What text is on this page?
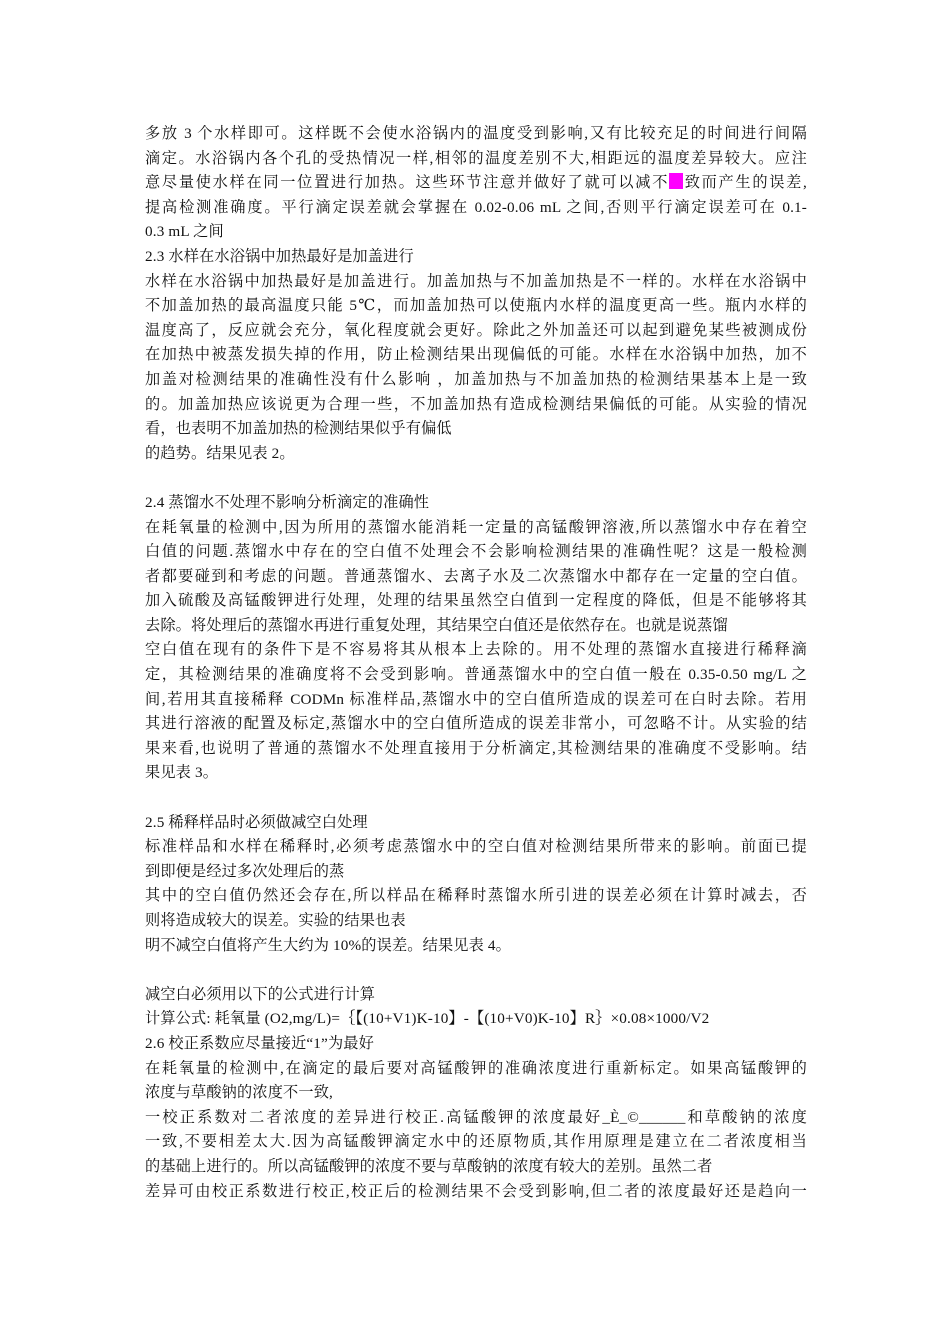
多放 3 个水样即可。这样既不会使水浴锅内的温度受到影响,又有比较充足的时间进行间隔
滴定。水浴锅内各个孔的受热情况一样,相邻的温度差别不大,相距远的温度差异较大。应注
意尽量使水样在同一位置进行加热。这些环节注意并做好了就可以减不 致而产生的误差,
提高检测准确度。平行滴定误差就会掌握在 0.02-0.06 mL 之间,否则平行滴定误差可在 0.1-
0.3 mL 之间
2.3 水样在水浴锅中加热最好是加盖进行
水样在水浴锅中加热最好是加盖进行。加盖加热与不加盖加热是不一样的。水样在水浴锅中
不加盖加热的最高温度只能 5℃，而加盖加热可以使瓶内水样的温度更高一些。瓶内水样的
温度高了，反应就会充分，氧化程度就会更好。除此之外加盖还可以起到避免某些被测成份
在加热中被蒸发损失掉的作用，防止检测结果出现偏低的可能。水样在水浴锅中加热，加不
加盖对检测结果的准确性没有什么影响 ，加盖加热与不加盖加热的检测结果基本上是一致
的。加盖加热应该说更为合理一些，不加盖加热有造成检测结果偏低的可能。从实验的情况
看，也表明不加盖加热的检测结果似乎有偏低
的趋势。结果见表 2。
2.4 蒸馏水不处理不影响分析滴定的准确性
在耗氧量的检测中,因为所用的蒸馏水能消耗一定量的高锰酸钾溶液,所以蒸馏水中存在着空
白值的问题.蒸馏水中存在的空白值不处理会不会影响检测结果的准确性呢？这是一般检测
者都要碰到和考虑的问题。普通蒸馏水、去离子水及二次蒸馏水中都存在一定量的空白值。
加入硫酸及高锰酸钾进行处理，处理的结果虽然空白值到一定程度的降低，但是不能够将其
去除。将处理后的蒸馏水再进行重复处理，其结果空白值还是依然存在。也就是说蒸馏
空白值在现有的条件下是不容易将其从根本上去除的。用不处理的蒸馏水直接进行稀释滴
定，其检测结果的准确度将不会受到影响。普通蒸馏水中的空白值一般在 0.35-0.50 mg/L 之
间,若用其直接稀释 CODMn 标准样品,蒸馏水中的空白值所造成的误差可在白时去除。若用
其进行溶液的配置及标定,蒸馏水中的空白值所造成的误差非常小，可忽略不计。从实验的结
果来看,也说明了普通的蒸馏水不处理直接用于分析滴定,其检测结果的准确度不受影响。结
果见表 3。
2.5 稀释样品时必须做减空白处理
标准样品和水样在稀释时,必须考虑蒸馏水中的空白值对检测结果所带来的影响。前面已提
到即便是经过多次处理后的蒸
其中的空白值仍然还会存在,所以样品在稀释时蒸馏水所引进的误差必须在计算时减去，否
则将造成较大的误差。实验的结果也表
明不减空白值将产生大约为 10%的误差。结果见表 4。
减空白必须用以下的公式进行计算
计算公式: 耗氧量 (O2,mg/L)=｛【(10+V1)K-10】-【(10+V0)K-10】R｝×0.08×1000/V2
2.6 校正系数应尽量接近“1”为最好
在耗氧量的检测中,在滴定的最后要对高锰酸钾的准确浓度进行重新标定。如果高锰酸钾的
浓度与草酸钠的浓度不一致,
一校正系数对二者浓度的差异进行校正.高锰酸钾的浓度最好_È_©______和草酸钠的浓度
一致,不要相差太大.因为高锰酸钾滴定水中的还原物质,其作用原理是建立在二者浓度相当
的基础上进行的。所以高锰酸钾的浓度不要与草酸钠的浓度有较大的差别。虽然二者
差异可由校正系数进行校正,校正后的检测结果不会受到影响,但二者的浓度最好还是趋向一
